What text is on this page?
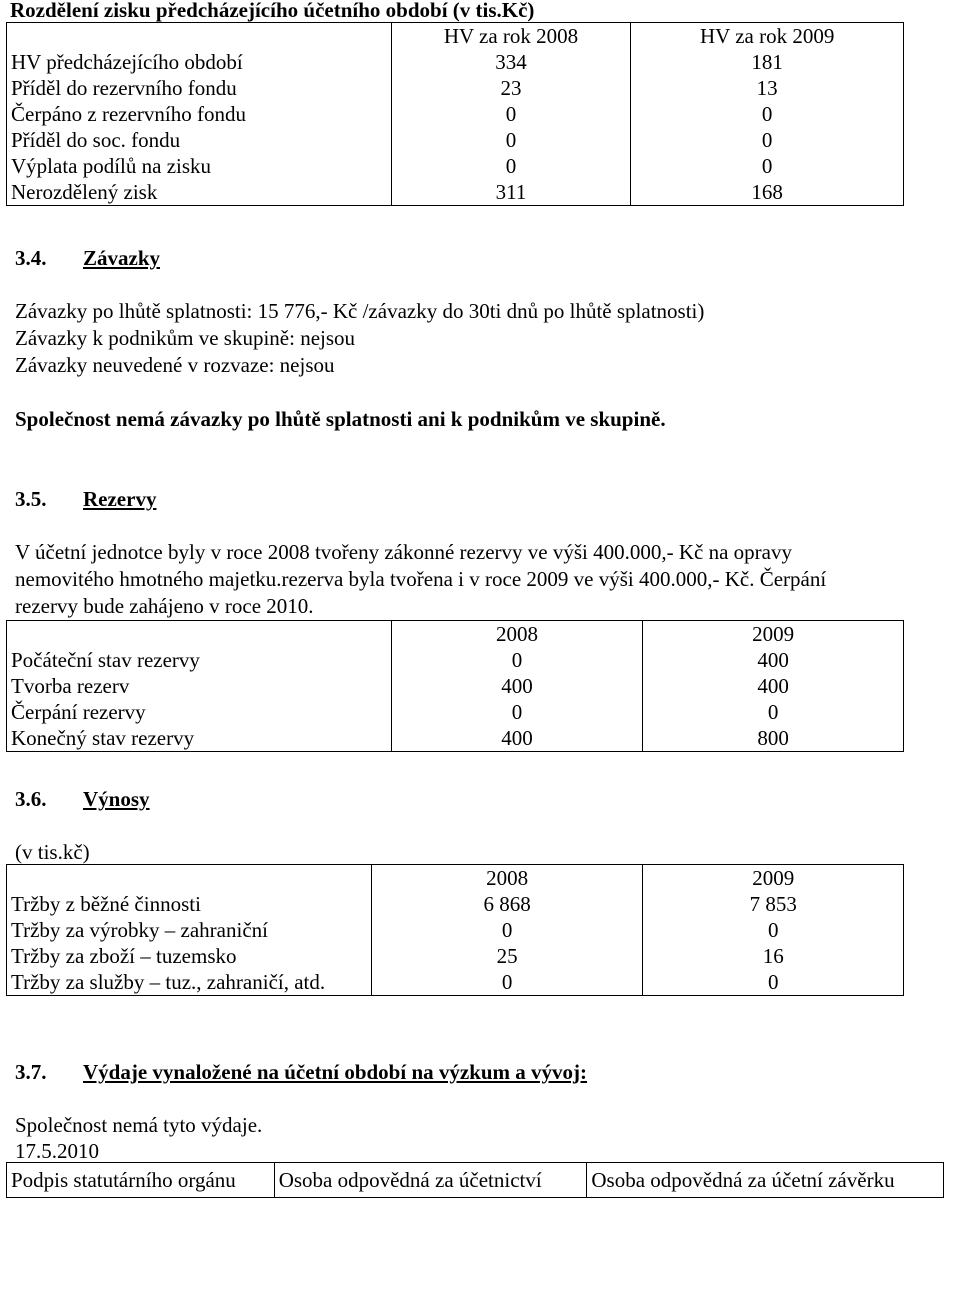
Rozdělení zisku předcházejícího účetního období (v tis.Kč)
	HV za rok 2008	HV za rok 2009
HV předcházejícího období	334	181
Příděl do rezervního fondu	23	13
Čerpáno z rezervního fondu	0	0
Příděl do soc. fondu	0	0
Výplata podílů na zisku	0	0
Nerozdělený zisk	311	168
3.4. Závazky
Závazky po lhůtě splatnosti: 15 776,- Kč /závazky do 30ti dnů po lhůtě splatnosti)
Závazky k podnikům ve skupině: nejsou
Závazky neuvedené v rozvaze: nejsou
Společnost nemá závazky po lhůtě splatnosti ani k podnikům ve skupině.
3.5. Rezervy
V účetní jednotce byly v roce 2008 tvořeny zákonné rezervy ve výši 400.000,- Kč na opravy
nemovitého hmotného majetku.rezerva byla tvořena i v roce 2009 ve výši 400.000,- Kč. Čerpání
rezervy bude zahájeno v roce 2010.
	2008	2009
Počáteční stav rezervy	0	400
Tvorba rezerv	400	400
Čerpání rezervy	0	0
Konečný stav rezervy	400	800
3.6. Výnosy
(v tis.kč)
	2008	2009
Tržby z běžné činnosti	6 868	7 853
Tržby za výrobky – zahraniční	0	0
Tržby za zboží – tuzemsko	25	16
Tržby za služby – tuz., zahraničí, atd.	0	0
3.7. Výdaje vynaložené na účetní období na výzkum a vývoj:
Společnost nemá tyto výdaje.
17.5.2010
Podpis statutárního orgánu	Osoba odpovědná za účetnictví	Osoba odpovědná za účetní závěrku
